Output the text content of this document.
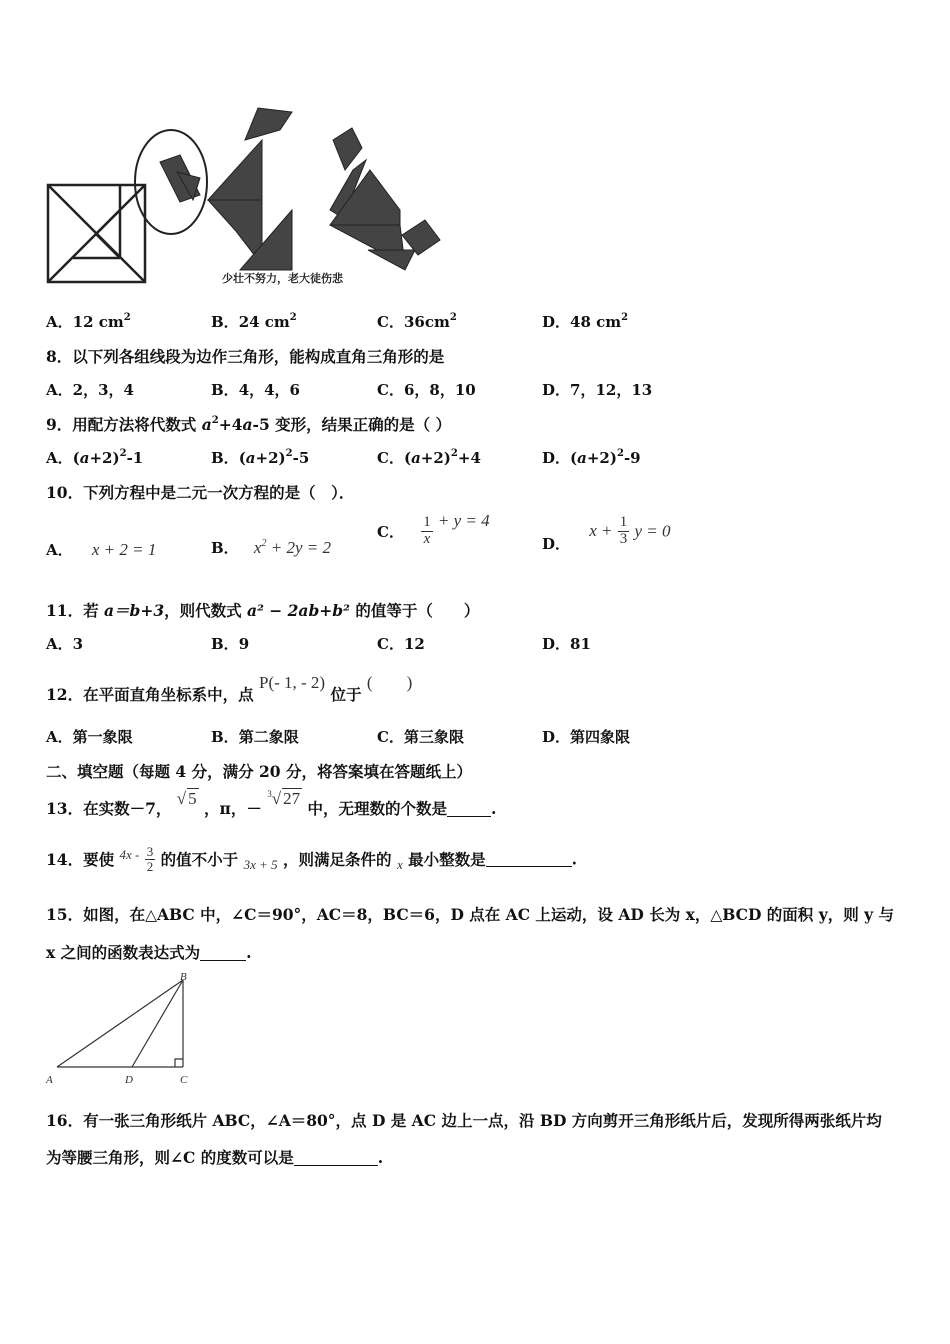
少壮不努力，老大徒伤悲
A．12 $cm^2$	B．24 $cm^2$	C．$36cm^2$	D．48 $cm^2$
8．以下列各组线段为边作三角形，能构成直角三角形的是
A．2，3，4	B．4，4，6	C．6，8，10	D．7，12，13
9．用配方法将代数式 $a^2+4a-5$ 变形，结果正确的是（ ）
A．$(a+2)^2-1$	B．$(a+2)^2-5$	C．$(a+2)^2+4$	D．$(a+2)^2-9$
10．下列方程中是二元一次方程的是（　）．
A． x + 2 = 1	B． $x^2 + 2y = 2$
C． $\frac{1}{x} + y = 4$
D． $x + \frac{1}{3}$ y = 0
11．若 a＝b+3，则代数式 a² − 2ab+b² 的值等于（　　）
A．3	B．9	C．12	D．81
12．在平面直角坐标系中，点 P(- 1, - 2) 位于 (　　)
A．第一象限	B．第二象限	C．第三象限	D．第四象限
二、填空题（每题 4 分，满分 20 分，将答案填在答题纸上）
13．在实数－7， √ 5 ，π，－ $^3$√ 27 中，无理数的个数是	.
14．要使 $^{4x -} \frac{3}{2}$ 的值不小于 $_{3x + 5}$ ，则满足条件的 $_x$ 最小整数是	.
15．如图，在△ABC 中，∠C＝90°，AC＝8，BC＝6，D 点在 AC 上运动，设 AD 长为 x，△BCD 的面积 y，则 y 与
x 之间的函数表达式为	.
A	D	C
B
16．有一张三角形纸片 ABC，∠A＝80°，点 D 是 AC 边上一点，沿 BD 方向剪开三角形纸片后，发现所得两张纸片均
为等腰三角形，则∠C 的度数可以是	.
